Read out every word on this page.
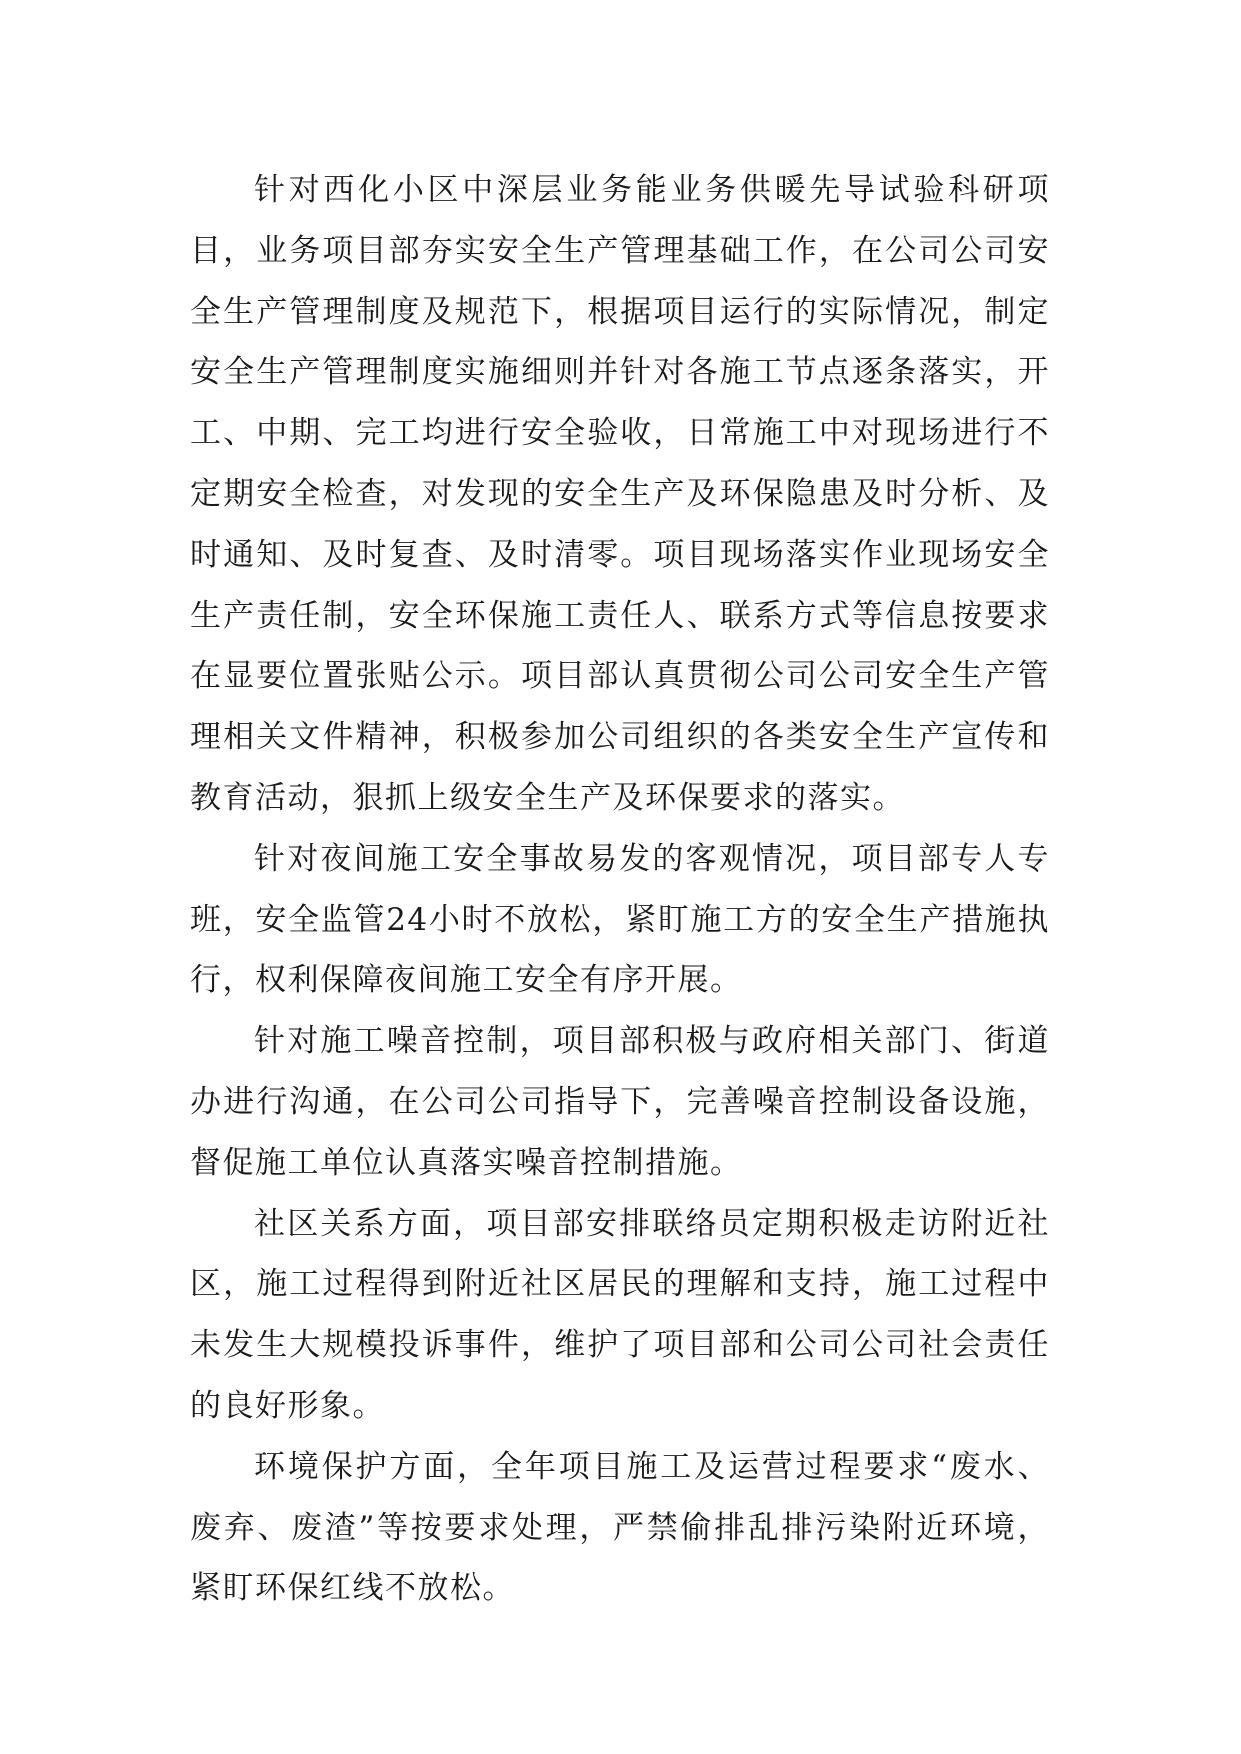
针对西化小区中深层业务能业务供暖先导试验科研项目，业务项目部夯实安全生产管理基础工作，在公司公司安全生产管理制度及规范下，根据项目运行的实际情况，制定安全生产管理制度实施细则并针对各施工节点逐条落实，开工、中期、完工均进行安全验收，日常施工中对现场进行不定期安全检查，对发现的安全生产及环保隐患及时分析、及时通知、及时复查、及时清零。项目现场落实作业现场安全生产责任制，安全环保施工责任人、联系方式等信息按要求在显要位置张贴公示。项目部认真贯彻公司公司安全生产管理相关文件精神，积极参加公司组织的各类安全生产宣传和教育活动，狠抓上级安全生产及环保要求的落实。

针对夜间施工安全事故易发的客观情况，项目部专人专班，安全监管24小时不放松，紧盯施工方的安全生产措施执行，权利保障夜间施工安全有序开展。

针对施工噪音控制，项目部积极与政府相关部门、街道办进行沟通，在公司公司指导下，完善噪音控制设备设施，督促施工单位认真落实噪音控制措施。

社区关系方面，项目部安排联络员定期积极走访附近社区，施工过程得到附近社区居民的理解和支持，施工过程中未发生大规模投诉事件，维护了项目部和公司公司社会责任的良好形象。

环境保护方面，全年项目施工及运营过程要求“废水、废弃、废渣”等按要求处理，严禁偷排乱排污染附近环境，紧盯环保红线不放松。
